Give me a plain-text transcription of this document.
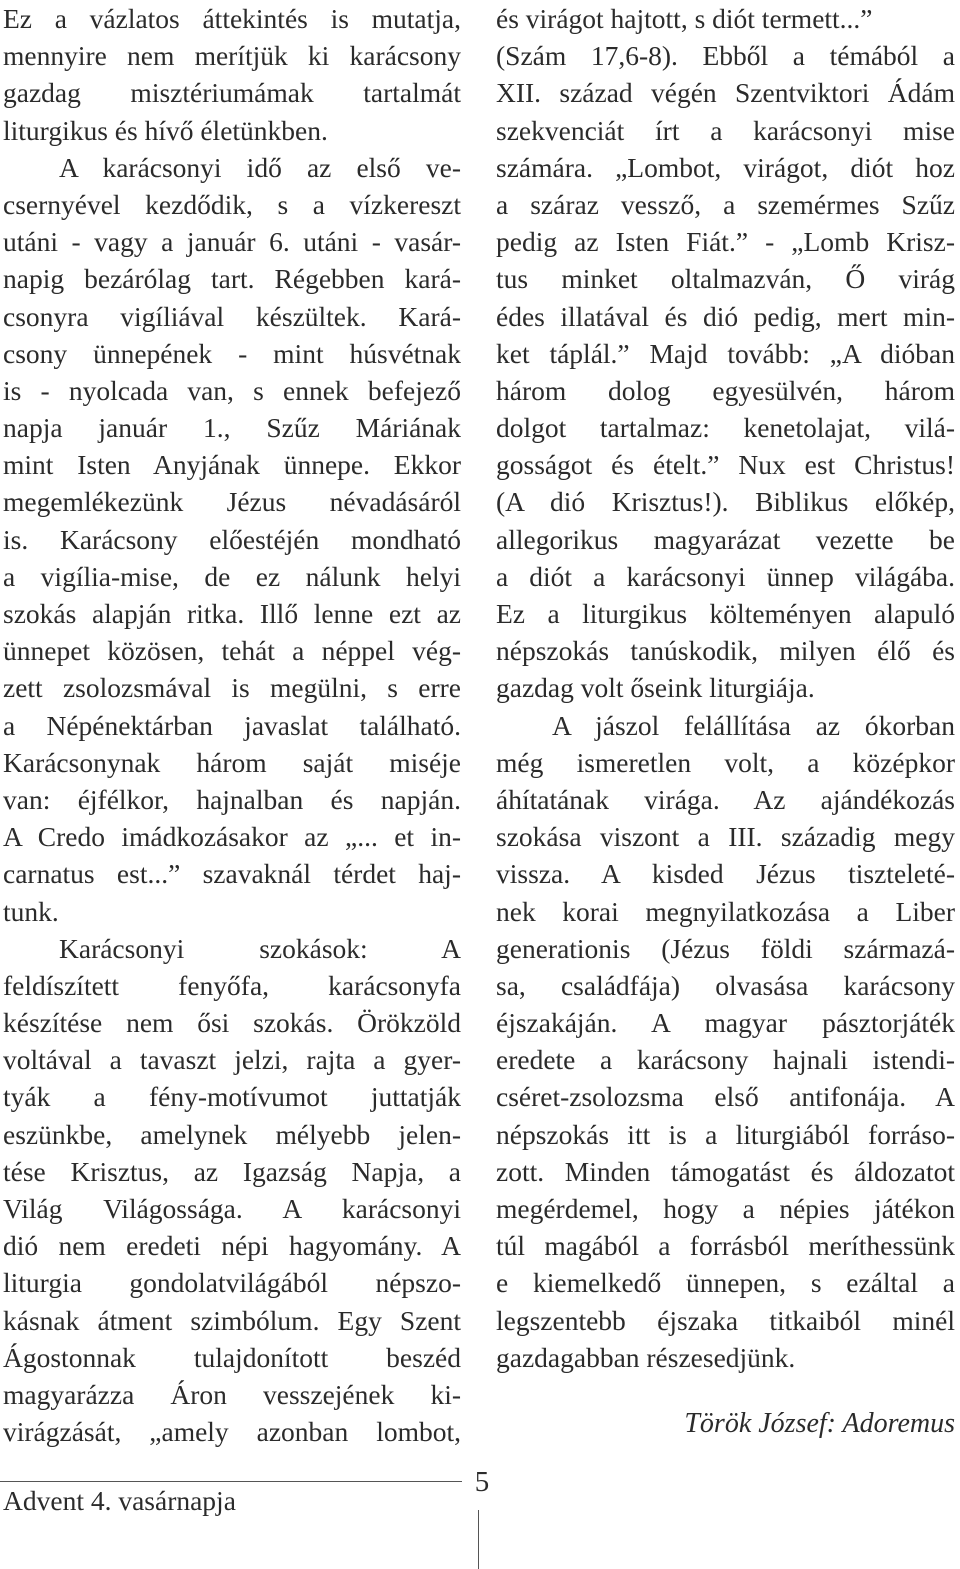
Ez a vázlatos áttekintés is mutatja,
mennyire nem merítjük ki karácsony
gazdag misztériumámak tartalmát
liturgikus és hívő életünkben.
A karácsonyi idő az első ve-
csernyével kezdődik, s a vízkereszt
utáni - vagy a január 6. utáni - vasár-
napig bezárólag tart. Régebben kará-
csonyra vigíliával készültek. Kará-
csony ünnepének - mint húsvétnak
is - nyolcada van, s ennek befejező
napja január 1., Szűz Máriának
mint Isten Anyjának ünnepe. Ekkor
megemlékezünk Jézus névadásáról
is. Karácsony előestéjén mondható
a vigília-mise, de ez nálunk helyi
szokás alapján ritka. Illő lenne ezt az
ünnepet közösen, tehát a néppel vég-
zett zsolozsmával is megülni, s erre
a Népénektárban javaslat található.
Karácsonynak három saját miséje
van: éjfélkor, hajnalban és napján.
A Credo imádkozásakor az „... et in-
carnatus est...” szavaknál térdet haj-
tunk.
Karácsonyi szokások: A
feldíszített fenyőfa, karácsonyfa
készítése nem ősi szokás. Örökzöld
voltával a tavaszt jelzi, rajta a gyer-
tyák a fény-motívumot juttatják
eszünkbe, amelynek mélyebb jelen-
tése Krisztus, az Igazság Napja, a
Világ Világossága. A karácsonyi
dió nem eredeti népi hagyomány. A
liturgia gondolatvilágából népszo-
kásnak átment szimbólum. Egy Szent
Ágostonnak tulajdonított beszéd
magyarázza Áron vesszejének ki-
virágzását, „amely azonban lombot,
és virágot hajtott, s diót termett...”
(Szám 17,6-8). Ebből a témából a
XII. század végén Szentviktori Ádám
szekvenciát írt a karácsonyi mise
számára. „Lombot, virágot, diót hoz
a száraz vessző, a szemérmes Szűz
pedig az Isten Fiát.” - „Lomb Krisz-
tus minket oltalmazván, Ő virág
édes illatával és dió pedig, mert min-
ket táplál.” Majd tovább: „A dióban
három dolog egyesülvén, három
dolgot tartalmaz: kenetolajat, vilá-
gosságot és ételt.” Nux est Christus!
(A dió Krisztus!). Biblikus előkép,
allegorikus magyarázat vezette be
a diót a karácsonyi ünnep világába.
Ez a liturgikus költeményen alapuló
népszokás tanúskodik, milyen élő és
gazdag volt őseink liturgiája.
A jászol felállítása az ókorban
még ismeretlen volt, a középkor
áhítatának virága. Az ajándékozás
szokása viszont a III. századig megy
vissza. A kisded Jézus tiszteleté-
nek korai megnyilatkozása a Liber
generationis (Jézus földi származá-
sa, családfája) olvasása karácsony
éjszakáján. A magyar pásztorjáték
eredete a karácsony hajnali istendi-
cséret-zsolozsma első antifonája. A
népszokás itt is a liturgiából forráso-
zott. Minden támogatást és áldozatot
megérdemel, hogy a népies játékon
túl magából a forrásból meríthessünk
e kiemelkedő ünnepen, s ezáltal a
legszentebb éjszaka titkaiból minél
gazdagabban részesedjünk.
Török József: Adoremus
Advent 4. vasárnapja
5
